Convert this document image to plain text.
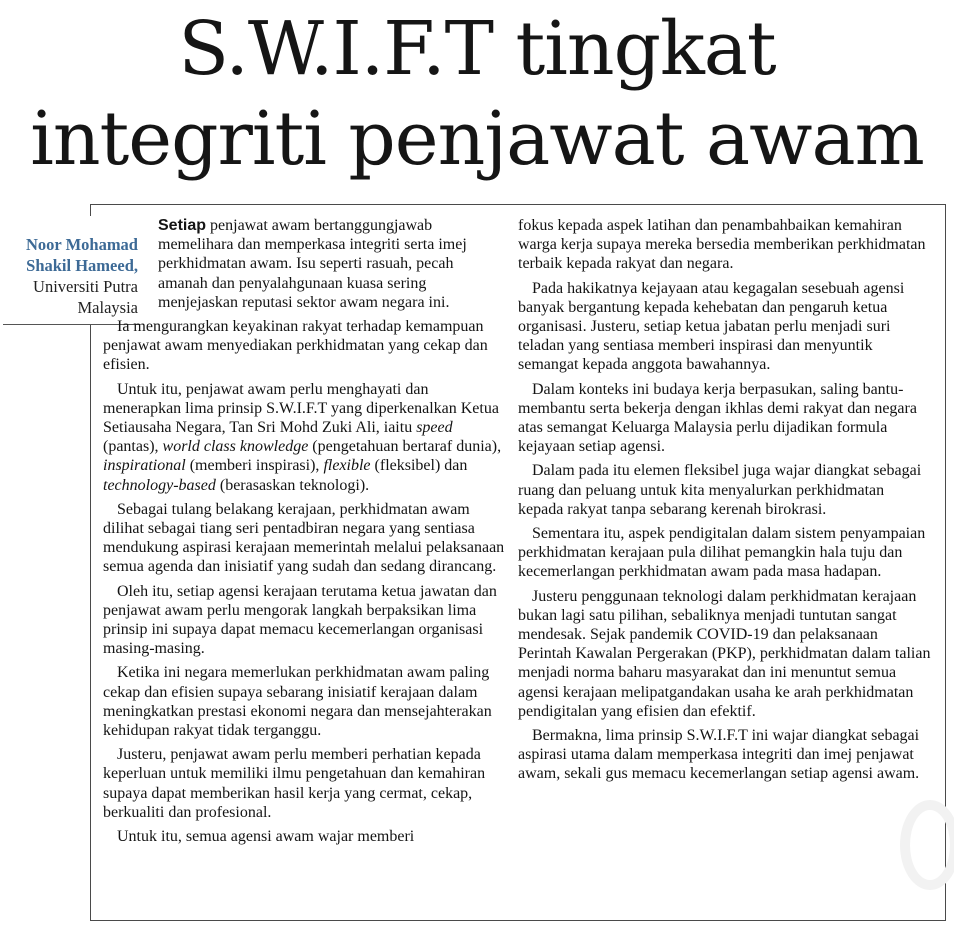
S.W.I.F.T tingkat
integriti penjawat awam
Noor Mohamad
Shakil Hameed,
Universiti Putra
Malaysia

Setiap penjawat awam bertanggungjawab memelihara dan memperkasa integriti serta imej perkhidmatan awam. Isu seperti rasuah, pecah amanah dan penyalahgunaan kuasa sering menjejaskan reputasi sektor awam negara ini.

Ia mengurangkan keyakinan rakyat terhadap kemampuan penjawat awam menyediakan perkhidmatan yang cekap dan efisien.

Untuk itu, penjawat awam perlu menghayati dan menerapkan lima prinsip S.W.I.F.T yang diperkenalkan Ketua Setiausaha Negara, Tan Sri Mohd Zuki Ali, iaitu speed (pantas), world class knowledge (pengetahuan bertaraf dunia), inspirational (memberi inspirasi), flexible (fleksibel) dan technology-based (berasaskan teknologi).

Sebagai tulang belakang kerajaan, perkhidmatan awam dilihat sebagai tiang seri pentadbiran negara yang sentiasa mendukung aspirasi kerajaan memerintah melalui pelaksanaan semua agenda dan inisiatif yang sudah dan sedang dirancang.

Oleh itu, setiap agensi kerajaan terutama ketua jawatan dan penjawat awam perlu mengorak langkah berpaksikan lima prinsip ini supaya dapat memacu kecemerlangan organisasi masing-masing.

Ketika ini negara memerlukan perkhidmatan awam paling cekap dan efisien supaya sebarang inisiatif kerajaan dalam meningkatkan prestasi ekonomi negara dan mensejahterakan kehidupan rakyat tidak terganggu.

Justeru, penjawat awam perlu memberi perhatian kepada keperluan untuk memiliki ilmu pengetahuan dan kemahiran supaya dapat memberikan hasil kerja yang cermat, cekap, berkualiti dan profesional.

Untuk itu, semua agensi awam wajar memberi

fokus kepada aspek latihan dan penambahbaikan kemahiran warga kerja supaya mereka bersedia memberikan perkhidmatan terbaik kepada rakyat dan negara.

Pada hakikatnya kejayaan atau kegagalan sesebuah agensi banyak bergantung kepada kehebatan dan pengaruh ketua organisasi. Justeru, setiap ketua jabatan perlu menjadi suri teladan yang sentiasa memberi inspirasi dan menyuntik semangat kepada anggota bawahannya.

Dalam konteks ini budaya kerja berpasukan, saling bantu-membantu serta bekerja dengan ikhlas demi rakyat dan negara atas semangat Keluarga Malaysia perlu dijadikan formula kejayaan setiap agensi.

Dalam pada itu elemen fleksibel juga wajar diangkat sebagai ruang dan peluang untuk kita menyalurkan perkhidmatan kepada rakyat tanpa sebarang kerenah birokrasi.

Sementara itu, aspek pendigitalan dalam sistem penyampaian perkhidmatan kerajaan pula dilihat pemangkin hala tuju dan kecemerlangan perkhidmatan awam pada masa hadapan.

Justeru penggunaan teknologi dalam perkhidmatan kerajaan bukan lagi satu pilihan, sebaliknya menjadi tuntutan sangat mendesak. Sejak pandemik COVID-19 dan pelaksanaan Perintah Kawalan Pergerakan (PKP), perkhidmatan dalam talian menjadi norma baharu masyarakat dan ini menuntut semua agensi kerajaan melipatgandakan usaha ke arah perkhidmatan pendigitalan yang efisien dan efektif.

Bermakna, lima prinsip S.W.I.F.T ini wajar diangkat sebagai aspirasi utama dalam memperkasa integriti dan imej penjawat awam, sekali gus memacu kecemerlangan setiap agensi awam.
